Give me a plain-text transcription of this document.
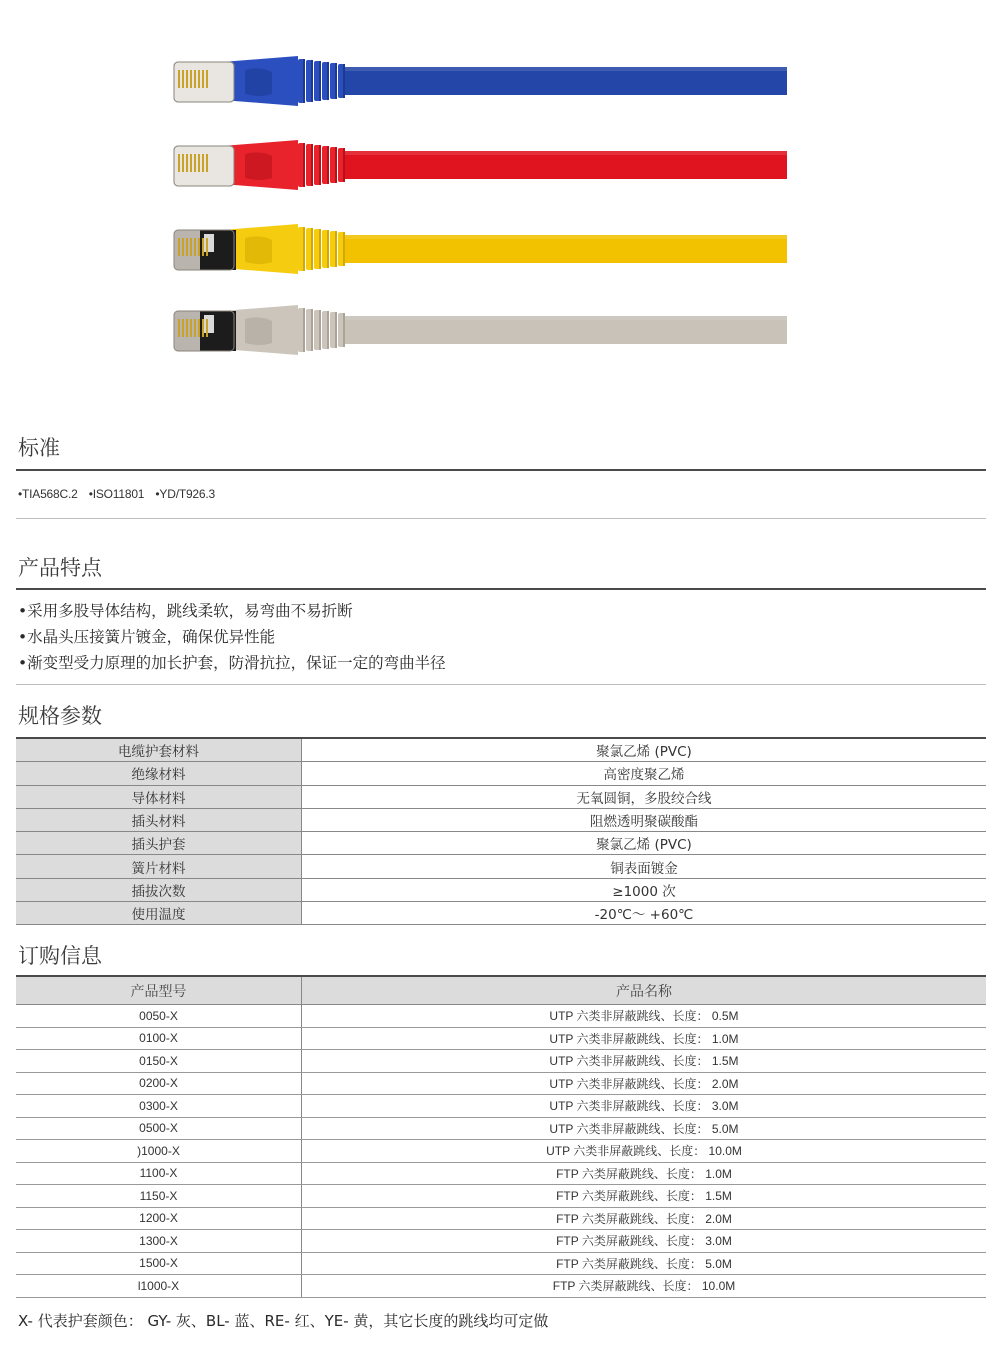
标准
•TIA568C.2 •ISO11801 •YD/T926.3
产品特点
•采用多股导体结构，跳线柔软，易弯曲不易折断
•水晶头压接簧片镀金，确保优异性能
•渐变型受力原理的加长护套，防滑抗拉，保证一定的弯曲半径
规格参数
电缆护套材料	聚氯乙烯 (PVC)
绝缘材料	高密度聚乙烯
导体材料	无氧圆铜，多股绞合线
插头材料	阻燃透明聚碳酸酯
插头护套	聚氯乙烯 (PVC)
簧片材料	铜表面镀金
插拔次数	≥1000 次
使用温度	-20℃～ +60℃
订购信息
产品型号	产品名称
0050-X	UTP 六类非屏蔽跳线、长度： 0.5M
0100-X	UTP 六类非屏蔽跳线、长度： 1.0M
0150-X	UTP 六类非屏蔽跳线、长度： 1.5M
0200-X	UTP 六类非屏蔽跳线、长度： 2.0M
0300-X	UTP 六类非屏蔽跳线、长度： 3.0M
0500-X	UTP 六类非屏蔽跳线、长度： 5.0M
)1000-X	UTP 六类非屏蔽跳线、长度： 10.0M
1100-X	FTP 六类屏蔽跳线、长度： 1.0M
1150-X	FTP 六类屏蔽跳线、长度： 1.5M
1200-X	FTP 六类屏蔽跳线、长度： 2.0M
1300-X	FTP 六类屏蔽跳线、长度： 3.0M
1500-X	FTP 六类屏蔽跳线、长度： 5.0M
l1000-X	FTP 六类屏蔽跳线、长度： 10.0M
X- 代表护套颜色： GY- 灰、BL- 蓝、RE- 红、YE- 黄，其它长度的跳线均可定做
